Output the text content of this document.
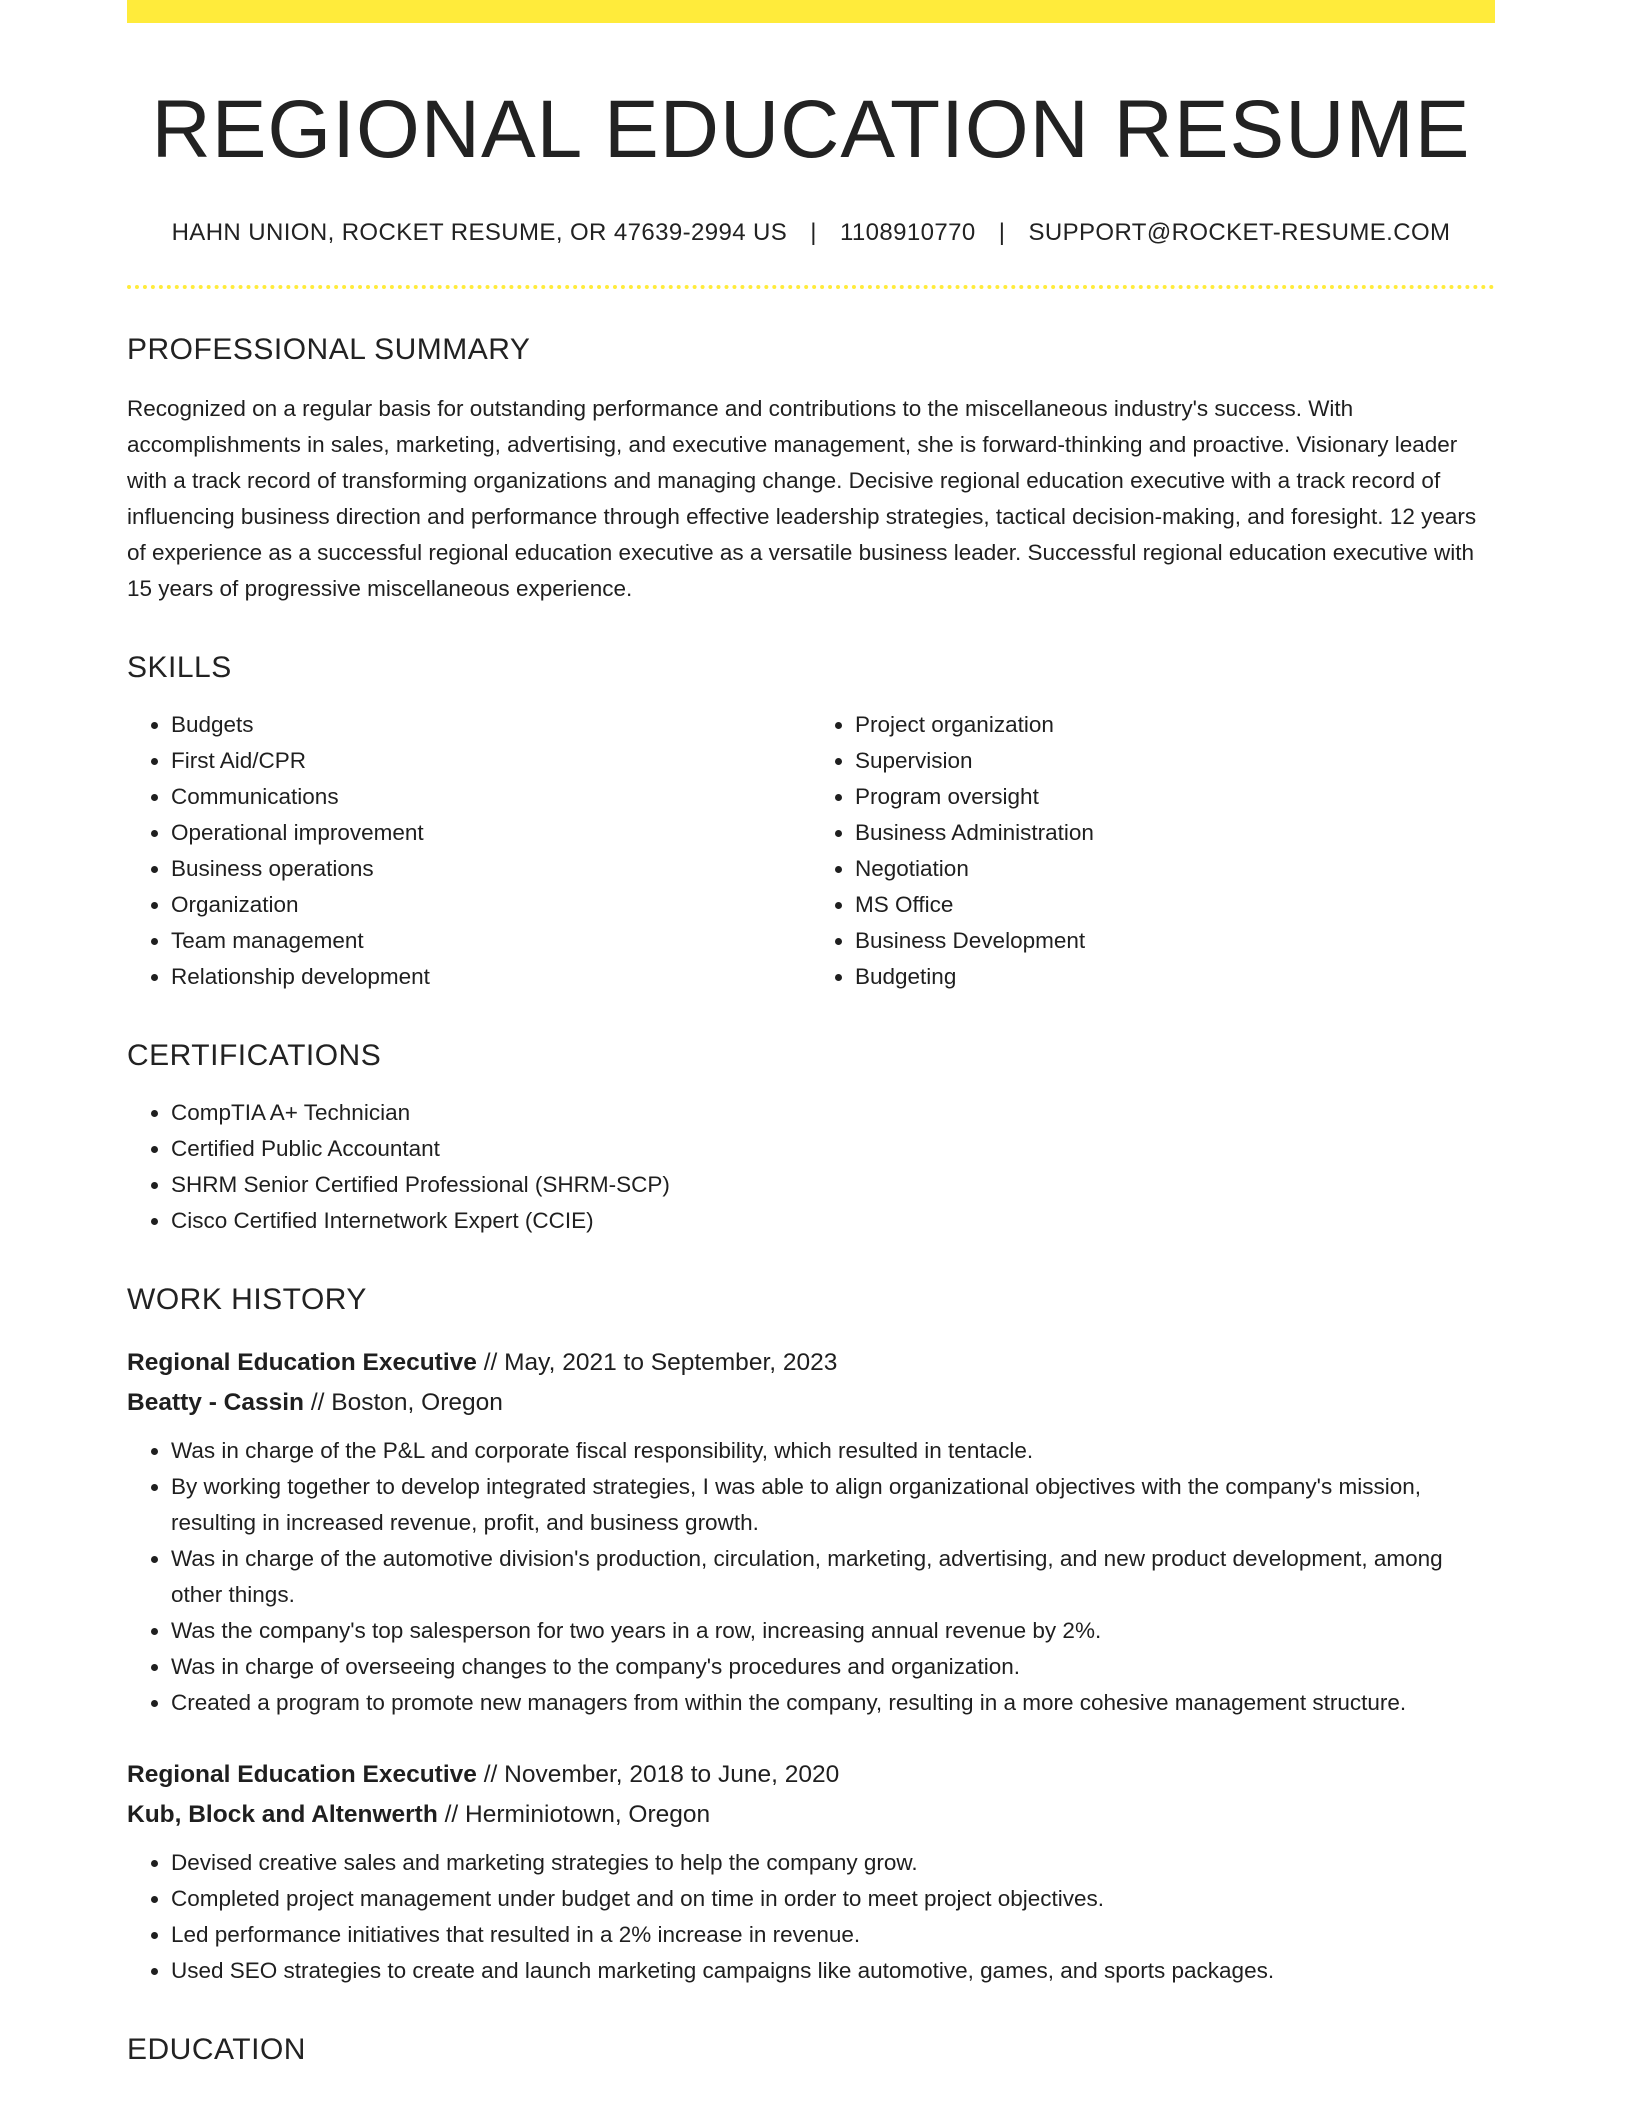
REGIONAL EDUCATION RESUME
HAHN UNION, ROCKET RESUME, OR 47639-2994 US | 1108910770 | SUPPORT@ROCKET-RESUME.COM
PROFESSIONAL SUMMARY

Recognized on a regular basis for outstanding performance and contributions to the miscellaneous industry's success. With accomplishments in sales, marketing, advertising, and executive management, she is forward-thinking and proactive. Visionary leader with a track record of transforming organizations and managing change. Decisive regional education executive with a track record of influencing business direction and performance through effective leadership strategies, tactical decision-making, and foresight. 12 years of experience as a successful regional education executive as a versatile business leader. Successful regional education executive with 15 years of progressive miscellaneous experience.

SKILLS
• Budgets
• First Aid/CPR
• Communications
• Operational improvement
• Business operations
• Organization
• Team management
• Relationship development
• Project organization
• Supervision
• Program oversight
• Business Administration
• Negotiation
• MS Office
• Business Development
• Budgeting
CERTIFICATIONS
• CompTIA A+ Technician
• Certified Public Accountant
• SHRM Senior Certified Professional (SHRM-SCP)
• Cisco Certified Internetwork Expert (CCIE)
WORK HISTORY
Regional Education Executive // May, 2021 to September, 2023
Beatty - Cassin // Boston, Oregon
• Was in charge of the P&L and corporate fiscal responsibility, which resulted in tentacle.
• By working together to develop integrated strategies, I was able to align organizational objectives with the company's mission, resulting in increased revenue, profit, and business growth.
• Was in charge of the automotive division's production, circulation, marketing, advertising, and new product development, among other things.
• Was the company's top salesperson for two years in a row, increasing annual revenue by 2%.
• Was in charge of overseeing changes to the company's procedures and organization.
• Created a program to promote new managers from within the company, resulting in a more cohesive management structure.
Regional Education Executive // November, 2018 to June, 2020
Kub, Block and Altenwerth // Herminiotown, Oregon
• Devised creative sales and marketing strategies to help the company grow.
• Completed project management under budget and on time in order to meet project objectives.
• Led performance initiatives that resulted in a 2% increase in revenue.
• Used SEO strategies to create and launch marketing campaigns like automotive, games, and sports packages.
EDUCATION
